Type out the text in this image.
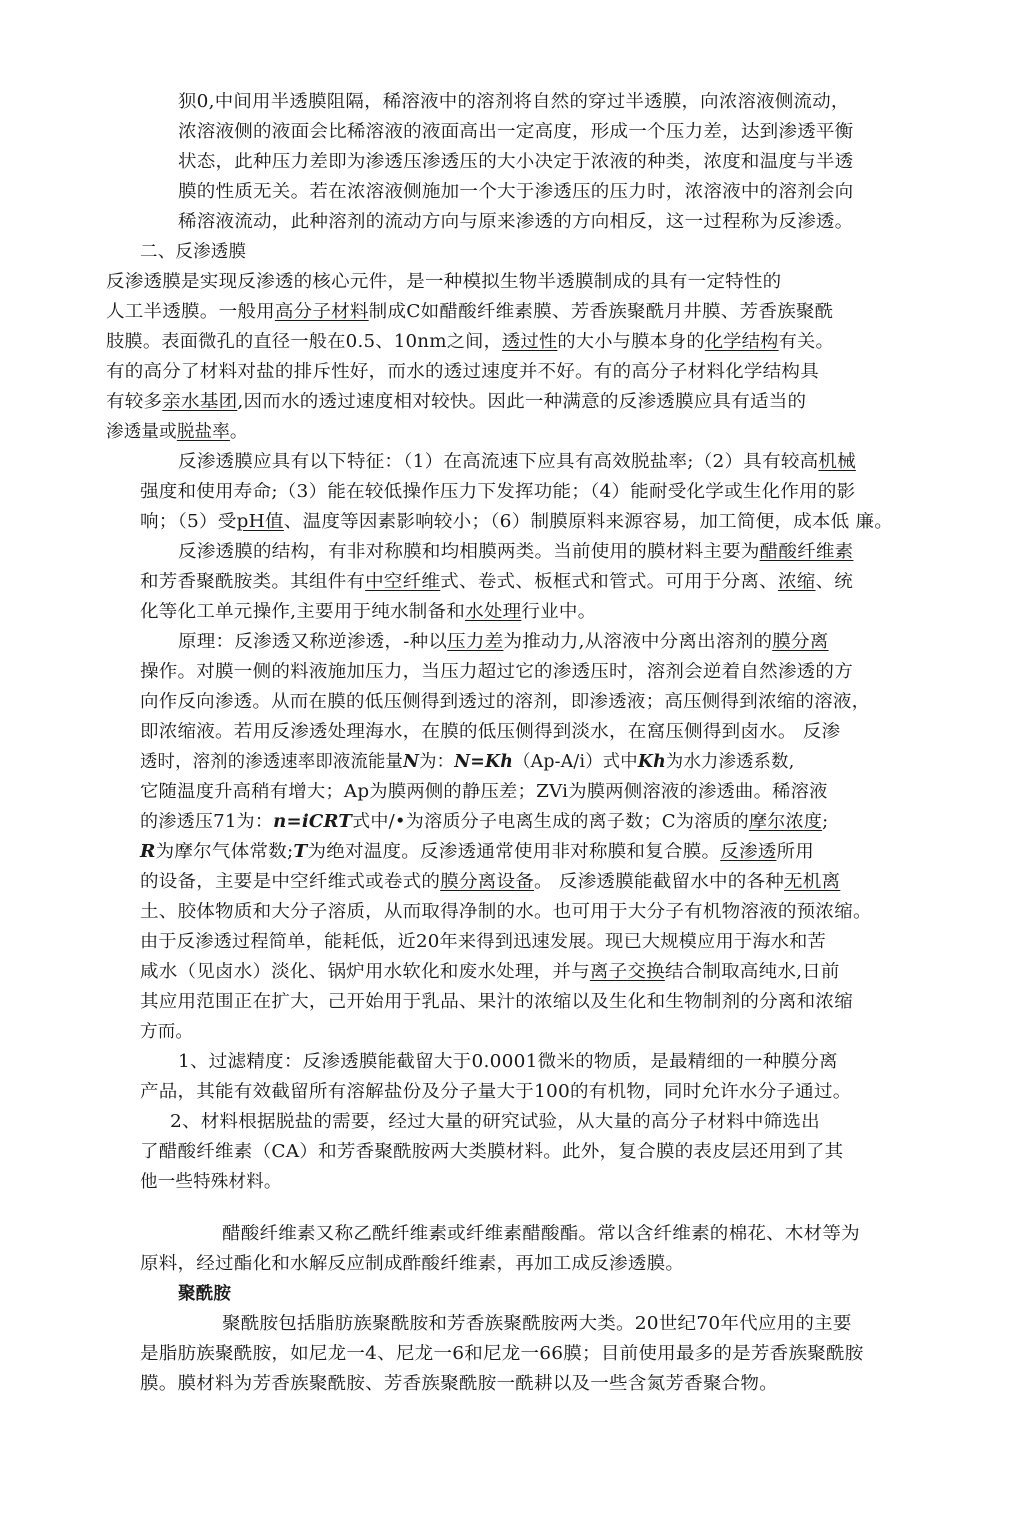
狈0,中间用半透膜阻隔，稀溶液中的溶剂将自然的穿过半透膜，向浓溶液侧流动，
浓溶液侧的液面会比稀溶液的液面高出一定高度，形成一个压力差，达到渗透平衡
状态，此种压力差即为渗透压渗透压的大小决定于浓液的种类，浓度和温度与半透
膜的性质无关。若在浓溶液侧施加一个大于渗透压的压力时，浓溶液中的溶剂会向
稀溶液流动，此种溶剂的流动方向与原来渗透的方向相反，这一过程称为反渗透。
二、反渗透膜
反渗透膜是实现反渗透的核心元件，是一种模拟生物半透膜制成的具有一定特性的
人工半透膜。一般用高分子材料制成C如醋酸纤维素膜、芳香族聚酰月井膜、芳香族聚酰
肢膜。表面微孔的直径一般在0.5、10nm之间，透过性的大小与膜本身的化学结构有关。
有的高分了材料对盐的排斥性好，而水的透过速度并不好。有的高分子材料化学结构具
有较多亲水基团,因而水的透过速度相对较快。因此一种满意的反渗透膜应具有适当的
渗透量或脱盐率。
反渗透膜应具有以下特征：（1）在高流速下应具有高效脱盐率;（2）具有较高机械
强度和使用寿命;（3）能在较低操作压力下发挥功能；（4）能耐受化学或生化作用的影
响；（5）受pH值、温度等因素影响较小；（6）制膜原料来源容易，加工简便，成本低 廉。
反渗透膜的结构，有非对称膜和均相膜两类。当前使用的膜材料主要为醋酸纤维素
和芳香聚酰胺类。其组件有中空纤维式、卷式、板框式和管式。可用于分离、浓缩、统
化等化工单元操作,主要用于纯水制备和水处理行业中。
原理：反渗透又称逆渗透，-种以压力差为推动力,从溶液中分离出溶剂的膜分离
操作。对膜一侧的料液施加压力，当压力超过它的渗透压时，溶剂会逆着自然渗透的方
向作反向渗透。从而在膜的低压侧得到透过的溶剂，即渗透液；高压侧得到浓缩的溶液，
即浓缩液。若用反渗透处理海水，在膜的低压侧得到淡水，在窩压侧得到卤水。 反渗
透时，溶剂的渗透速率即液流能量N为：N=Kh（Ap-A/i）式中Kh为水力渗透系数,
它随温度升高稍有增大；Ap为膜两侧的静压差；ZVi为膜两侧溶液的渗透曲。稀溶液
的渗透压71为：n=iCRT式中/•为溶质分子电离生成的离子数；C为溶质的摩尔浓度;
R为摩尔气体常数;T为绝对温度。反渗透通常使用非对称膜和复合膜。反渗透所用
的设备，主要是中空纤维式或卷式的膜分离设备。 反渗透膜能截留水中的各种无机离
土、胶体物质和大分子溶质，从而取得净制的水。也可用于大分子有机物溶液的预浓缩。
由于反渗透过程简单，能耗低，近20年来得到迅速发展。现已大规模应用于海水和苦
咸水（见卤水）淡化、锅炉用水软化和废水处理，并与离子交换结合制取高纯水,日前
其应用范围正在扩大，己开始用于乳品、果汁的浓缩以及生化和生物制剂的分离和浓缩
方而。
1、过滤精度：反渗透膜能截留大于0.0001微米的物质，是最精细的一种膜分离
产品，其能有效截留所有溶解盐份及分子量大于100的有机物，同时允许水分子通过。
2、材料根据脱盐的需要，经过大量的研究试验，从大量的高分子材料中筛选出
了醋酸纤维素（CA）和芳香聚酰胺两大类膜材料。此外，复合膜的表皮层还用到了其
他一些特殊材料。
醋酸纤维素又称乙酰纤维素或纤维素醋酸酯。常以含纤维素的棉花、木材等为
原料，经过酯化和水解反应制成酢酸纤维素，再加工成反渗透膜。
聚酰胺
聚酰胺包括脂肪族聚酰胺和芳香族聚酰胺两大类。20世纪70年代应用的主要
是脂肪族聚酰胺，如尼龙一4、尼龙一6和尼龙一66膜；目前使用最多的是芳香族聚酰胺
膜。膜材料为芳香族聚酰胺、芳香族聚酰胺一酰耕以及一些含氮芳香聚合物。
